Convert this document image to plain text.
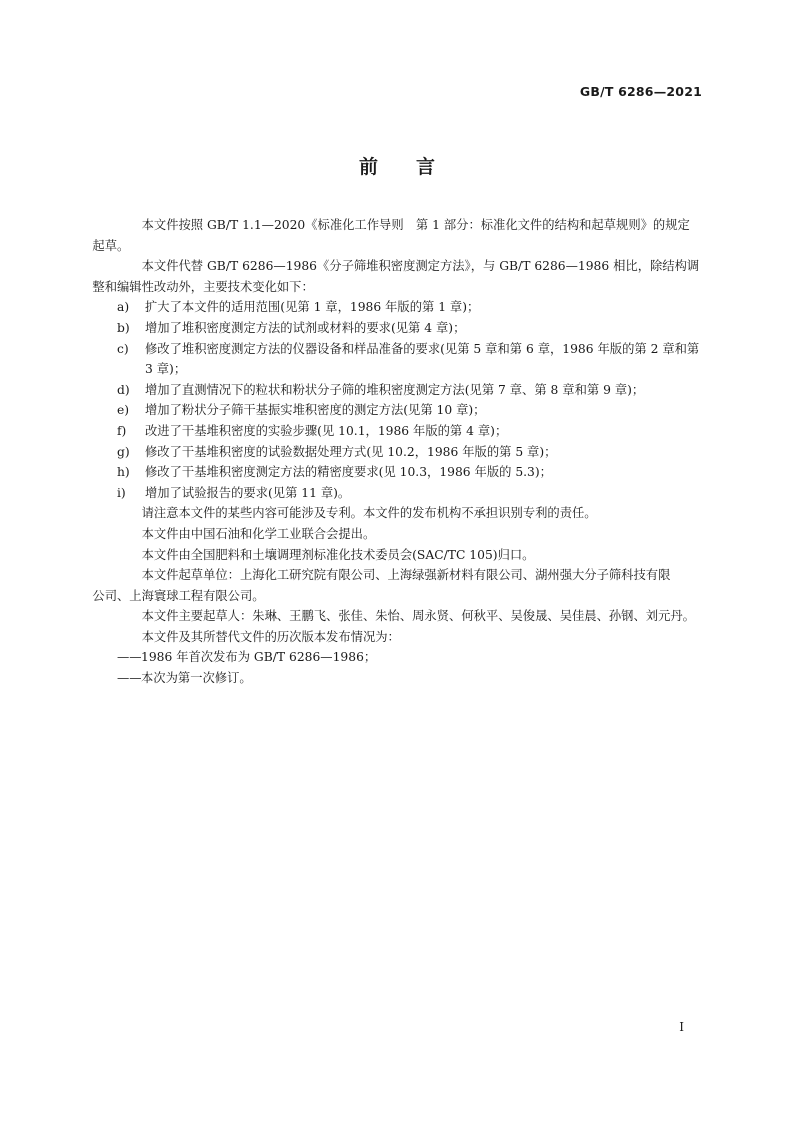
GB/T 6286—2021
前 言

本文件按照 GB/T 1.1—2020《标准化工作导则　第 1 部分：标准化文件的结构和起草规则》的规定
起草。

本文件代替 GB/T 6286—1986《分子筛堆积密度测定方法》，与 GB/T 6286—1986 相比，除结构调
整和编辑性改动外，主要技术变化如下：

a)	扩大了本文件的适用范围(见第 1 章，1986 年版的第 1 章)；
b)	增加了堆积密度测定方法的试剂或材料的要求(见第 4 章)；
c)	修改了堆积密度测定方法的仪器设备和样品准备的要求(见第 5 章和第 6 章，1986 年版的第 2 章和第 3 章)；
d)	增加了直测情况下的粒状和粉状分子筛的堆积密度测定方法(见第 7 章、第 8 章和第 9 章)；
e)	增加了粉状分子筛干基振实堆积密度的测定方法(见第 10 章)；
f)	改进了干基堆积密度的实验步骤(见 10.1，1986 年版的第 4 章)；
g)	修改了干基堆积密度的试验数据处理方式(见 10.2，1986 年版的第 5 章)；
h)	修改了干基堆积密度测定方法的精密度要求(见 10.3，1986 年版的 5.3)；
i)	增加了试验报告的要求(见第 11 章)。

请注意本文件的某些内容可能涉及专利。本文件的发布机构不承担识别专利的责任。

本文件由中国石油和化学工业联合会提出。

本文件由全国肥料和土壤调理剂标准化技术委员会(SAC/TC 105)归口。

本文件起草单位：上海化工研究院有限公司、上海绿强新材料有限公司、湖州强大分子筛科技有限
公司、上海寰球工程有限公司。

本文件主要起草人：朱琳、王鹏飞、张佳、朱怡、周永贤、何秋平、吴俊晟、吴佳晨、孙钢、刘元丹。

本文件及其所替代文件的历次版本发布情况为：

——1986 年首次发布为 GB/T 6286—1986；

——本次为第一次修订。

I
